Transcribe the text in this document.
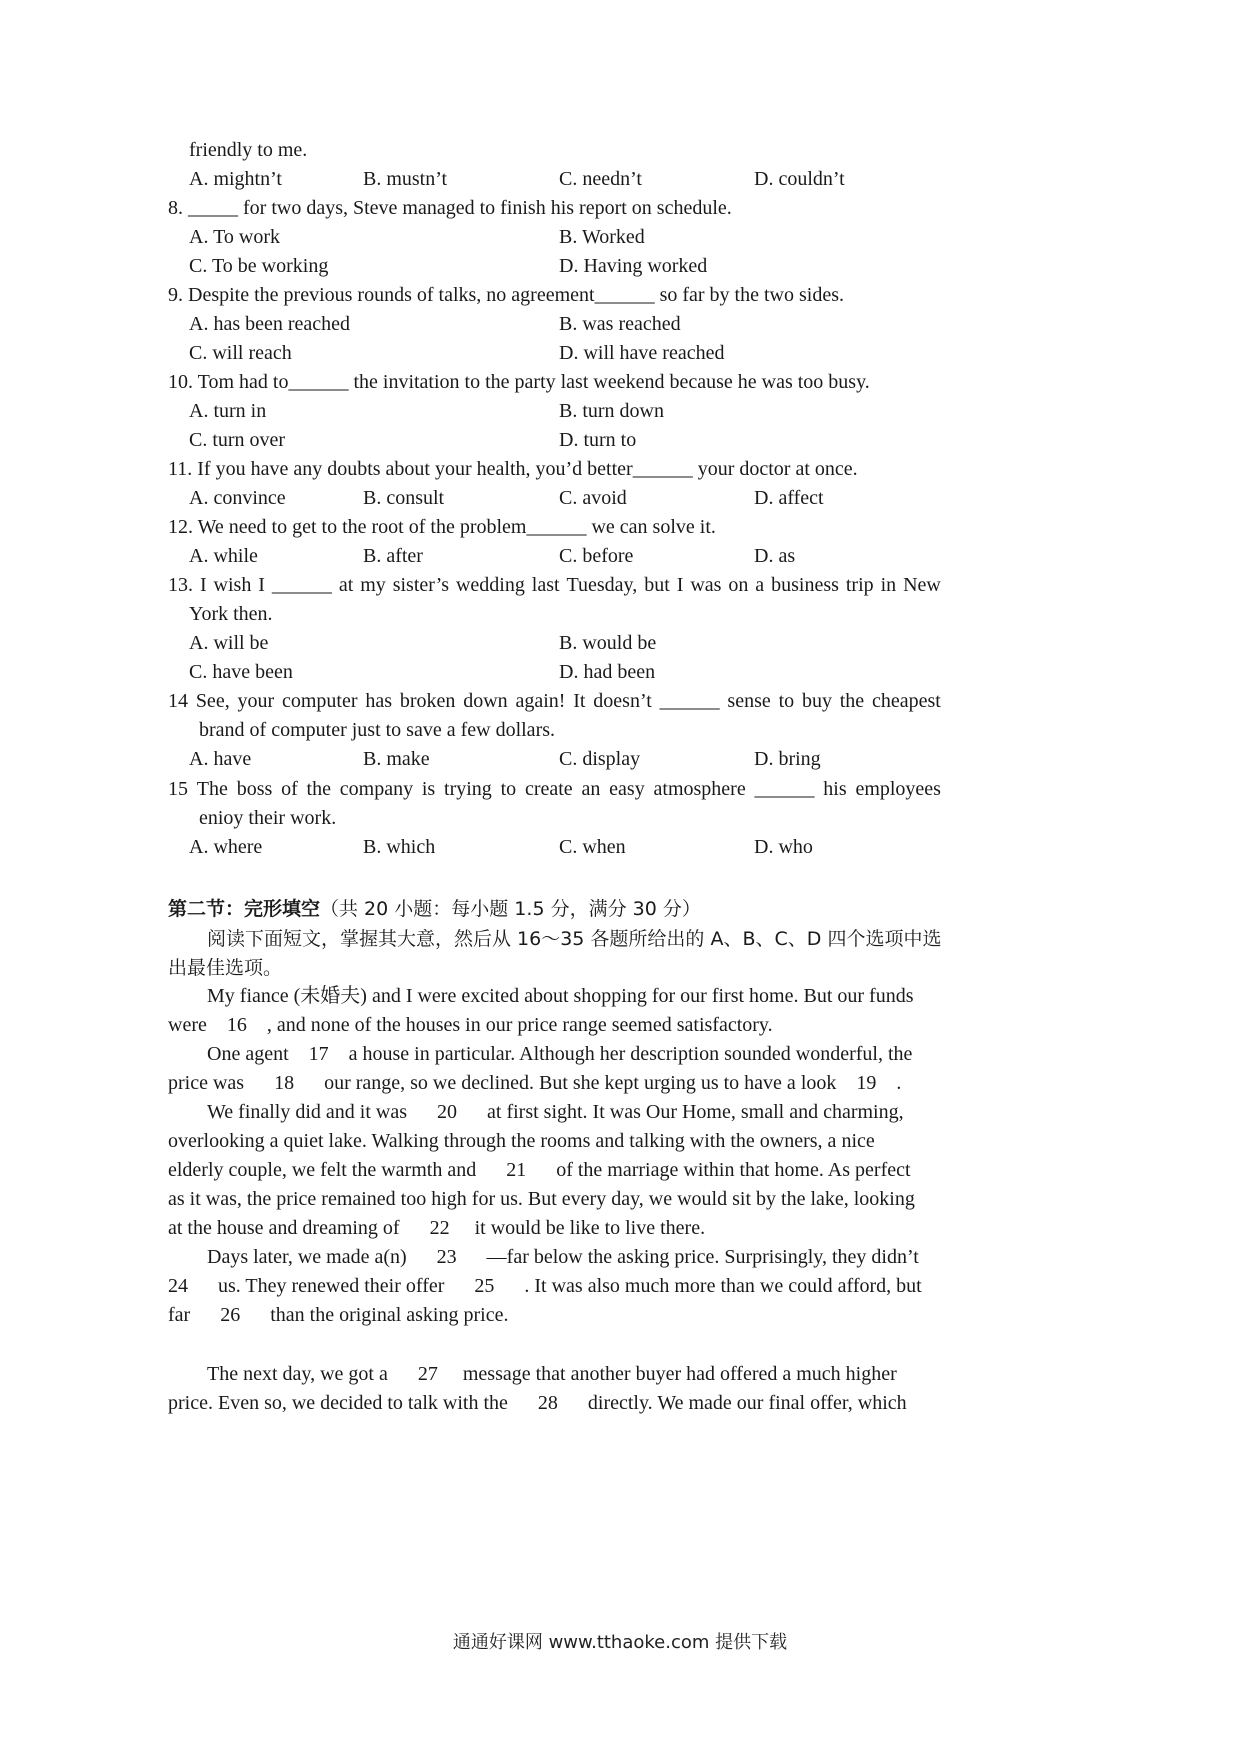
friendly to me.
A. mightn’t	B. mustn’t	C. needn’t	D. couldn’t
8. _____ for two days, Steve managed to finish his report on schedule.
A. To work	B. Worked
C. To be working	D. Having worked
9. Despite the previous rounds of talks, no agreement______ so far by the two sides.
A. has been reached	B. was reached
C. will reach	D. will have reached
10. Tom had to______ the invitation to the party last weekend because he was too busy.
A. turn in	B. turn down
C. turn over	D. turn to
11. If you have any doubts about your health, you’d better______ your doctor at once.
A. convince	B. consult	C. avoid	D. affect
12. We need to get to the root of the problem______ we can solve it.
A. while	B. after	C. before	D. as
13. I wish I ______ at my sister’s wedding last Tuesday, but I was on a business trip in New
York then.
A. will be	B. would be
C. have been	D. had been
14 See, your computer has broken down again! It doesn’t ______ sense to buy the cheapest
brand of computer just to save a few dollars.
A. have	B. make	C. display	D. bring
15 The boss of the company is trying to create an easy atmosphere ______ his employees
enioy their work.
A. where	B. which	C. when	D. who
第二节：完形填空（共 20 小题：每小题 1.5 分，满分 30 分）
阅读下面短文，掌握其大意，然后从 16～35 各题所给出的 A、B、C、D 四个选项中选
出最佳选项。
My fiance (未婚夫) and I were excited about shopping for our first home. But our funds
were    16    , and none of the houses in our price range seemed satisfactory.
One agent    17    a house in particular. Although her description sounded wonderful, the
price was      18      our range, so we declined. But she kept urging us to have a look    19    .
We finally did and it was      20      at first sight. It was Our Home, small and charming,
overlooking a quiet lake. Walking through the rooms and talking with the owners, a nice
elderly couple, we felt the warmth and      21      of the marriage within that home. As perfect
as it was, the price remained too high for us. But every day, we would sit by the lake, looking
at the house and dreaming of      22     it would be like to live there.
Days later, we made a(n)      23      —far below the asking price. Surprisingly, they didn’t
24      us. They renewed their offer      25      . It was also much more than we could afford, but
far      26      than the original asking price.
The next day, we got a      27     message that another buyer had offered a much higher
price. Even so, we decided to talk with the      28      directly. We made our final offer, which
通通好课网 www.tthaoke.com 提供下载
